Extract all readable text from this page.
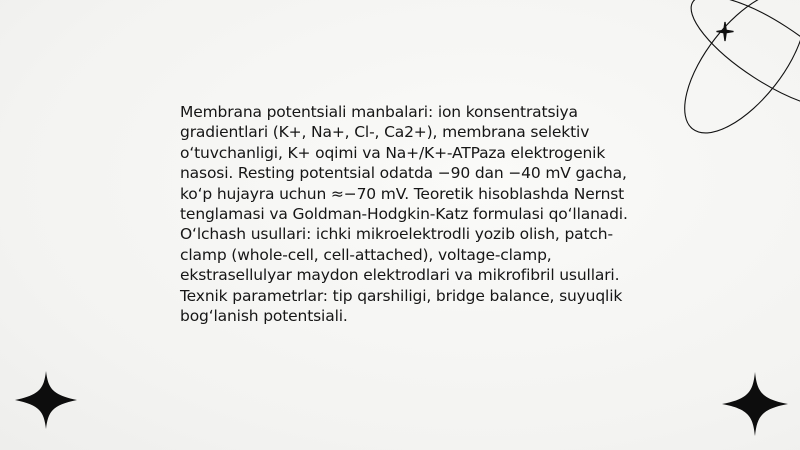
Membrana potentsiali manbalari: ion konsentratsiya gradientlari (K+, Na+, Cl-, Ca2+), membrana selektiv oʻtuvchanligi, K+ oqimi va Na+/K+-ATPaza elektrogenik nasosi. Resting potentsial odatda −90 dan −40 mV gacha, koʻp hujayra uchun ≈−70 mV. Teoretik hisoblashda Nernst tenglamasi va Goldman-Hodgkin-Katz formulasi qoʻllanadi. Oʻlchash usullari: ichki mikroelektrodli yozib olish, patch-clamp (whole-cell, cell-attached), voltage-clamp, ekstrasellulyar maydon elektrodlari va mikrofibril usullari. Texnik parametrlar: tip qarshiligi, bridge balance, suyuqlik bogʻlanish potentsiali.
